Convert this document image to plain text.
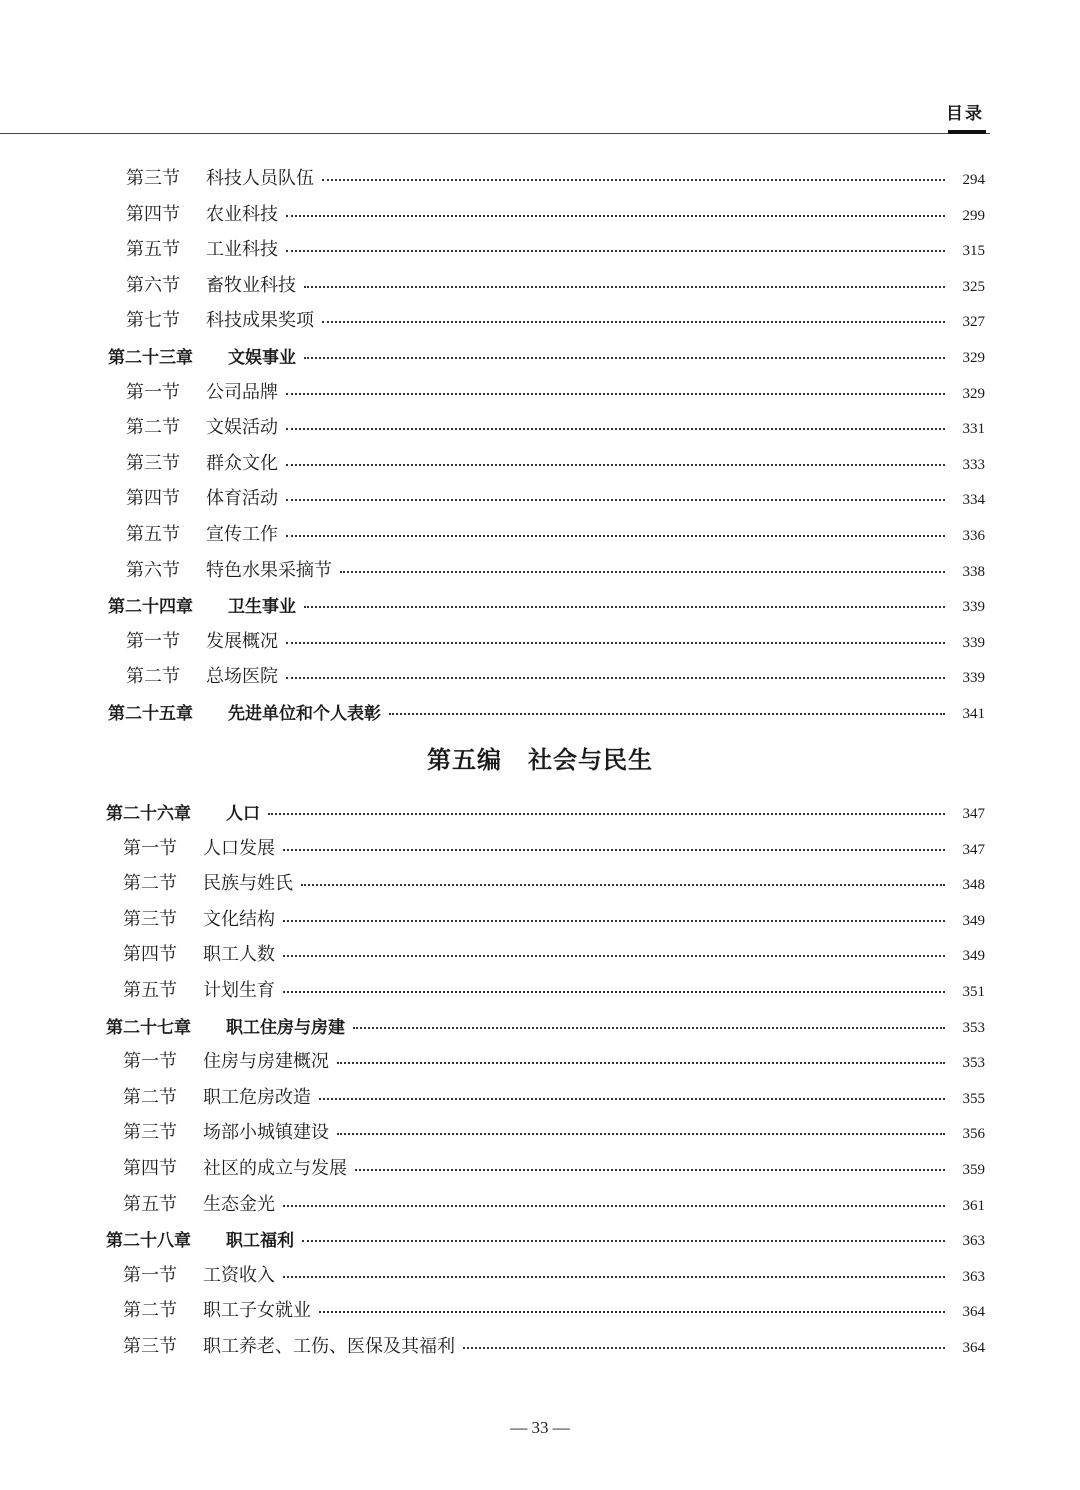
目录
第三节	科技人员队伍	294
第四节	农业科技	299
第五节	工业科技	315
第六节	畜牧业科技	325
第七节	科技成果奖项	327
第二十三章	文娱事业	329
第一节	公司品牌	329
第二节	文娱活动	331
第三节	群众文化	333
第四节	体育活动	334
第五节	宣传工作	336
第六节	特色水果采摘节	338
第二十四章	卫生事业	339
第一节	发展概况	339
第二节	总场医院	339
第二十五章	先进单位和个人表彰	341
第二十六章	人口	347
第一节	人口发展	347
第二节	民族与姓氏	348
第三节	文化结构	349
第四节	职工人数	349
第五节	计划生育	351
第二十七章	职工住房与房建	353
第一节	住房与房建概况	353
第二节	职工危房改造	355
第三节	场部小城镇建设	356
第四节	社区的成立与发展	359
第五节	生态金光	361
第二十八章	职工福利	363
第一节	工资收入	363
第二节	职工子女就业	364
第三节	职工养老、工伤、医保及其福利	364
第五编 社会与民生
— 33 —
